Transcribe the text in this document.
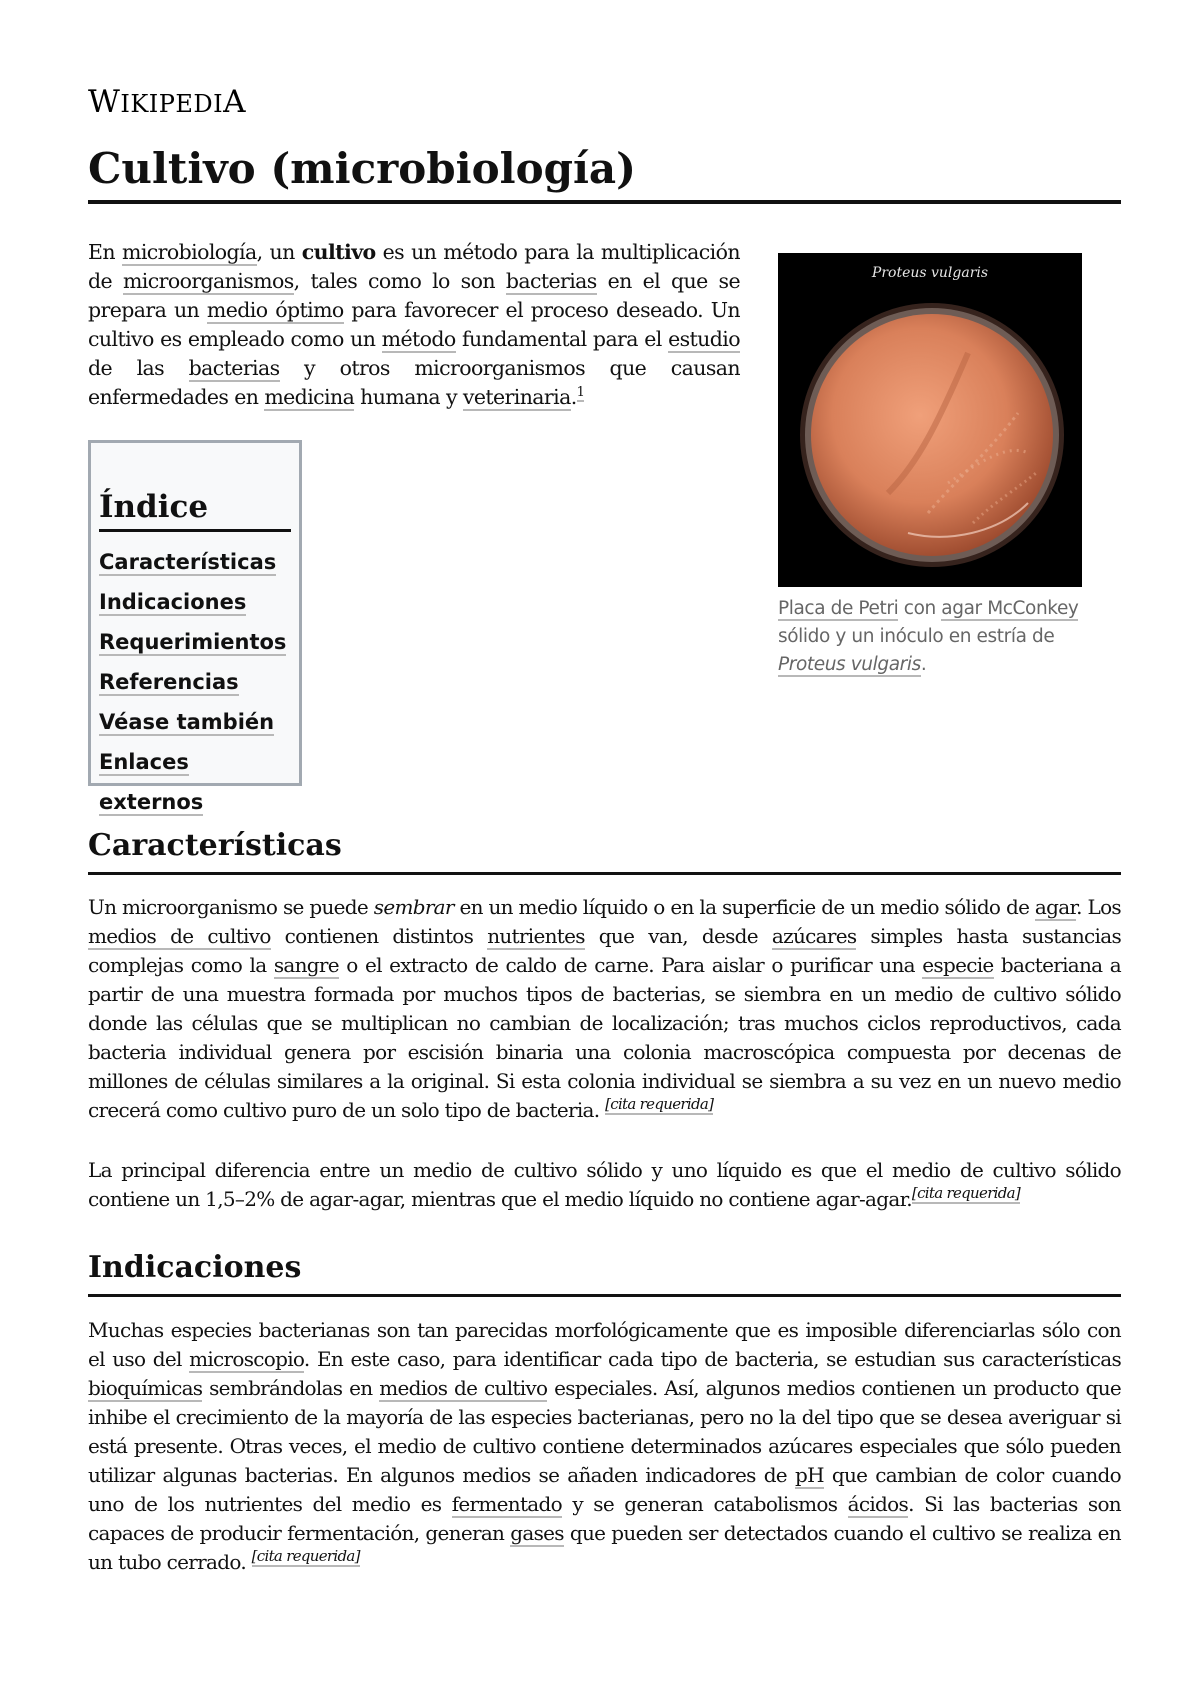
WIKIPEDIA
Cultivo (microbiología)

En microbiología, un cultivo es un método para la multiplicación de microorganismos, tales como lo son bacterias en el que se prepara un medio óptimo para favorecer el proceso deseado. Un cultivo es empleado como un método fundamental para el estudio de las bacterias y otros microorganismos que causan enfermedades en medicina humana y veterinaria.$^1$

Índice
Características
Indicaciones
Requerimientos
Referencias
Véase también
Enlaces externos
Proteus vulgaris
Placa de Petri con agar McConkey sólido y un inóculo en estría de Proteus vulgaris.
Características

Un microorganismo se puede sembrar en un medio líquido o en la superficie de un medio sólido de agar. Los medios de cultivo contienen distintos nutrientes que van, desde azúcares simples hasta sustancias complejas como la sangre o el extracto de caldo de carne. Para aislar o purificar una especie bacteriana a partir de una muestra formada por muchos tipos de bacterias, se siembra en un medio de cultivo sólido donde las células que se multiplican no cambian de localización; tras muchos ciclos reproductivos, cada bacteria individual genera por escisión binaria una colonia macroscópica compuesta por decenas de millones de células similares a la original. Si esta colonia individual se siembra a su vez en un nuevo medio crecerá como cultivo puro de un solo tipo de bacteria. [cita requerida]

La principal diferencia entre un medio de cultivo sólido y uno líquido es que el medio de cultivo sólido contiene un 1,5–2% de agar-agar, mientras que el medio líquido no contiene agar-agar.[cita requerida]

Indicaciones

Muchas especies bacterianas son tan parecidas morfológicamente que es imposible diferenciarlas sólo con el uso del microscopio. En este caso, para identificar cada tipo de bacteria, se estudian sus características bioquímicas sembrándolas en medios de cultivo especiales. Así, algunos medios contienen un producto que inhibe el crecimiento de la mayoría de las especies bacterianas, pero no la del tipo que se desea averiguar si está presente. Otras veces, el medio de cultivo contiene determinados azúcares especiales que sólo pueden utilizar algunas bacterias. En algunos medios se añaden indicadores de pH que cambian de color cuando uno de los nutrientes del medio es fermentado y se generan catabolismos ácidos. Si las bacterias son capaces de producir fermentación, generan gases que pueden ser detectados cuando el cultivo se realiza en un tubo cerrado. [cita requerida]
